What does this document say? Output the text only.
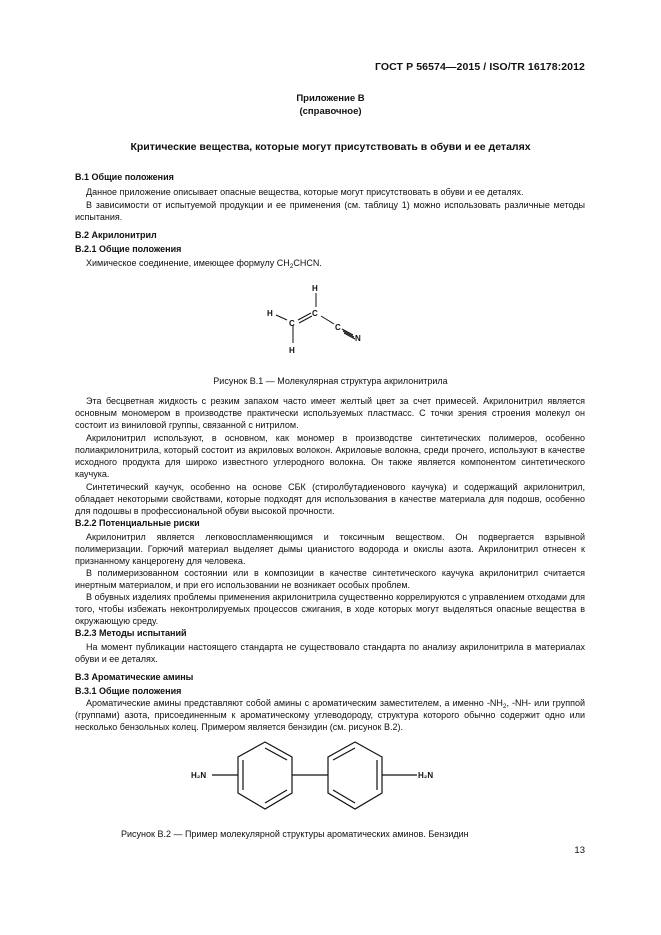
ГОСТ Р 56574—2015 / ISO/TR 16178:2012
Приложение В
(справочное)
Критические вещества, которые могут присутствовать в обуви и ее деталях
В.1 Общие положения
Данное приложение описывает опасные вещества, которые могут присутствовать в обуви и ее деталях.
В зависимости от испытуемой продукции и ее применения (см. таблицу 1) можно использовать различные методы испытания.
В.2 Акрилонитрил
В.2.1 Общие положения
Химическое соединение, имеющее формулу $CH_2CHCN$.
H
H
C
C
C
N
H
Рисунок В.1 — Молекулярная структура акрилонитрила
Эта бесцветная жидкость с резким запахом часто имеет желтый цвет за счет примесей. Акрилонитрил является основным мономером в производстве практически используемых пластмасс. С точки зрения строения молекул он состоит из виниловой группы, связанной с нитрилом.
Акрилонитрил используют, в основном, как мономер в производстве синтетических полимеров, особенно полиакрилонитрила, который состоит из акриловых волокон. Акриловые волокна, среди прочего, используют в качестве исходного продукта для широко известного углеродного волокна. Он также является компонентом синтетического каучука.
Синтетический каучук, особенно на основе СБК (стиролбутадиенового каучука) и содержащий акрилонитрил, обладает некоторыми свойствами, которые подходят для использования в качестве материала для подошв, особенно для подошвы в профессиональной обуви высокой прочности.
В.2.2 Потенциальные риски
Акрилонитрил является легковоспламеняющимся и токсичным веществом. Он подвергается взрывной полимеризации. Горючий материал выделяет дымы цианистого водорода и окислы азота. Акрилонитрил отнесен к признанному канцерогену для человека.
В полимеризованном состоянии или в композиции в качестве синтетического каучука акрилонитрил считается инертным материалом, и при его использовании не возникает особых проблем.
В обувных изделиях проблемы применения акрилонитрила существенно коррелируются с управлением отходами для того, чтобы избежать неконтролируемых процессов сжигания, в ходе которых могут выделяться опасные вещества в окружающую среду.
В.2.3 Методы испытаний
На момент публикации настоящего стандарта не существовало стандарта по анализу акрилонитрила в материалах обуви и ее деталях.
В.3 Ароматические амины
В.3.1 Общие положения
Ароматические амины представляют собой амины с ароматическим заместителем, а именно $-NH_2$, -NH- или группой (группами) азота, присоединенным к ароматическому углеводороду, структура которого обычно содержит одно или несколько бензольных колец. Примером является бензидин (см. рисунок В.2).
H₂N	H₂N
Рисунок В.2 — Пример молекулярной структуры ароматических аминов. Бензидин
13
